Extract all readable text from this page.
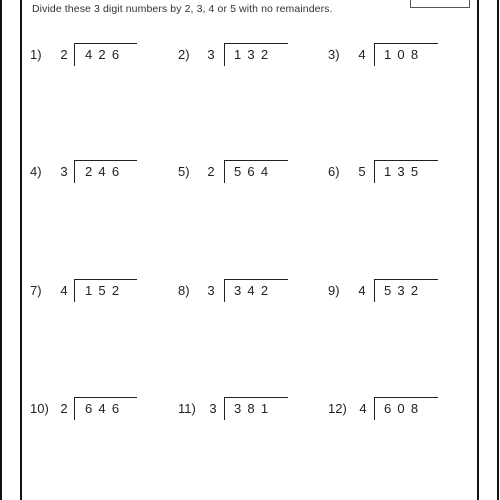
Divide these 3 digit numbers by 2, 3, 4 or 5 with no remainders.
1) 2 426	2) 3 132	3) 4 108
4) 3 246	5) 2 564	6) 5 135
7) 4 152	8) 3 342	9) 4 532
10) 2 646	11) 3 381	12) 4 608
